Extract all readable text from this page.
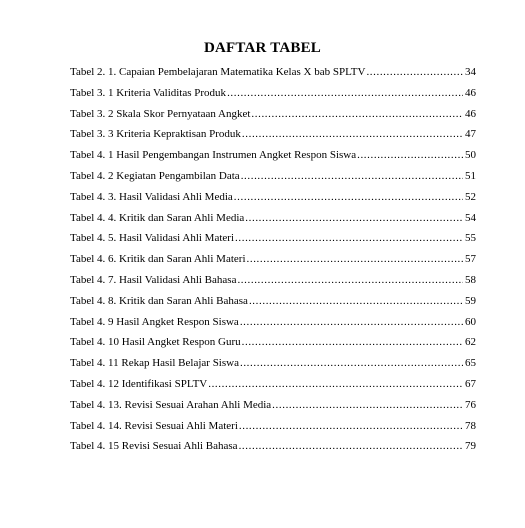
DAFTAR TABEL
Tabel 2. 1. Capaian Pembelajaran Matematika Kelas X bab SPLTV .....	34
Tabel 3. 1 Kriteria Validitas Produk .....	46
Tabel 3. 2 Skala Skor Pernyataan Angket .....	46
Tabel 3. 3 Kriteria Kepraktisan Produk .....	47
Tabel 4. 1 Hasil Pengembangan Instrumen Angket Respon Siswa .....	50
Tabel 4. 2 Kegiatan Pengambilan Data .....	51
Tabel 4. 3. Hasil Validasi Ahli Media .....	52
Tabel 4. 4. Kritik dan Saran Ahli Media .....	54
Tabel 4. 5. Hasil Validasi Ahli Materi .....	55
Tabel 4. 6. Kritik dan Saran Ahli Materi .....	57
Tabel 4. 7. Hasil Validasi Ahli Bahasa .....	58
Tabel 4. 8. Kritik dan Saran Ahli Bahasa .....	59
Tabel 4. 9 Hasil Angket Respon Siswa .....	60
Tabel 4. 10 Hasil Angket Respon Guru .....	62
Tabel 4. 11 Rekap Hasil Belajar Siswa .....	65
Tabel 4. 12 Identifikasi SPLTV .....	67
Tabel 4. 13. Revisi Sesuai Arahan Ahli Media .....	76
Tabel 4. 14. Revisi Sesuai Ahli Materi .....	78
Tabel 4. 15 Revisi Sesuai Ahli Bahasa .....	79
